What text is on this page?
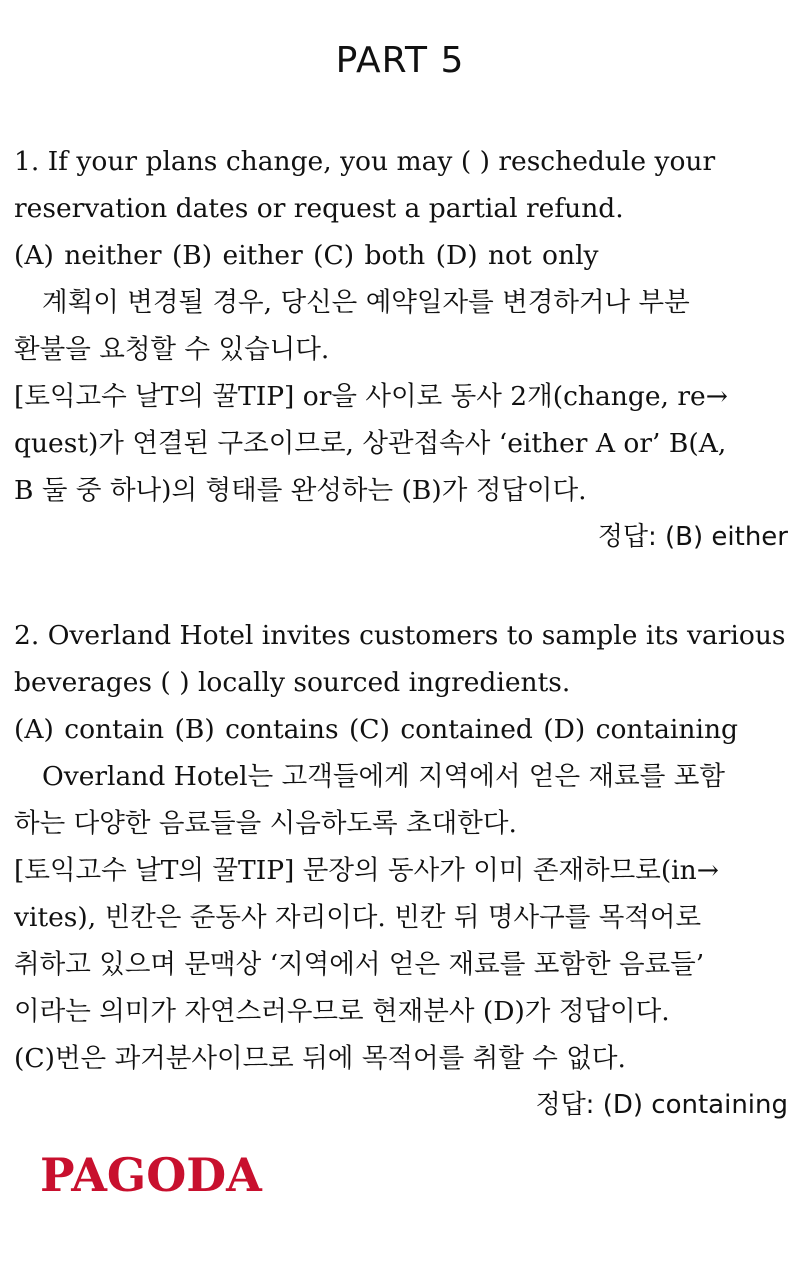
PART 5
1. If your plans change, you may ( ) reschedule your
reservation dates or request a partial refund.
(A) neither (B) either (C) both (D) not only
계획이 변경될 경우, 당신은 예약일자를 변경하거나 부분
환불을 요청할 수 있습니다.
[토익고수 날T의 꿀TIP] or을 사이로 동사 2개(change, re→
quest)가 연결된 구조이므로, 상관접속사 ‘either A or’ B(A,
B 둘 중 하나)의 형태를 완성하는 (B)가 정답이다.
정답: (B) either
2. Overland Hotel invites customers to sample its various
beverages ( ) locally sourced ingredients.
(A) contain (B) contains (C) contained (D) containing
Overland Hotel는 고객들에게 지역에서 얻은 재료를 포함
하는 다양한 음료들을 시음하도록 초대한다.
[토익고수 날T의 꿀TIP] 문장의 동사가 이미 존재하므로(in→
vites), 빈칸은 준동사 자리이다. 빈칸 뒤 명사구를 목적어로
취하고 있으며 문맥상 ‘지역에서 얻은 재료를 포함한 음료들’
이라는 의미가 자연스러우므로 현재분사 (D)가 정답이다.
(C)번은 과거분사이므로 뒤에 목적어를 취할 수 없다.
정답: (D) containing
PAGODA
